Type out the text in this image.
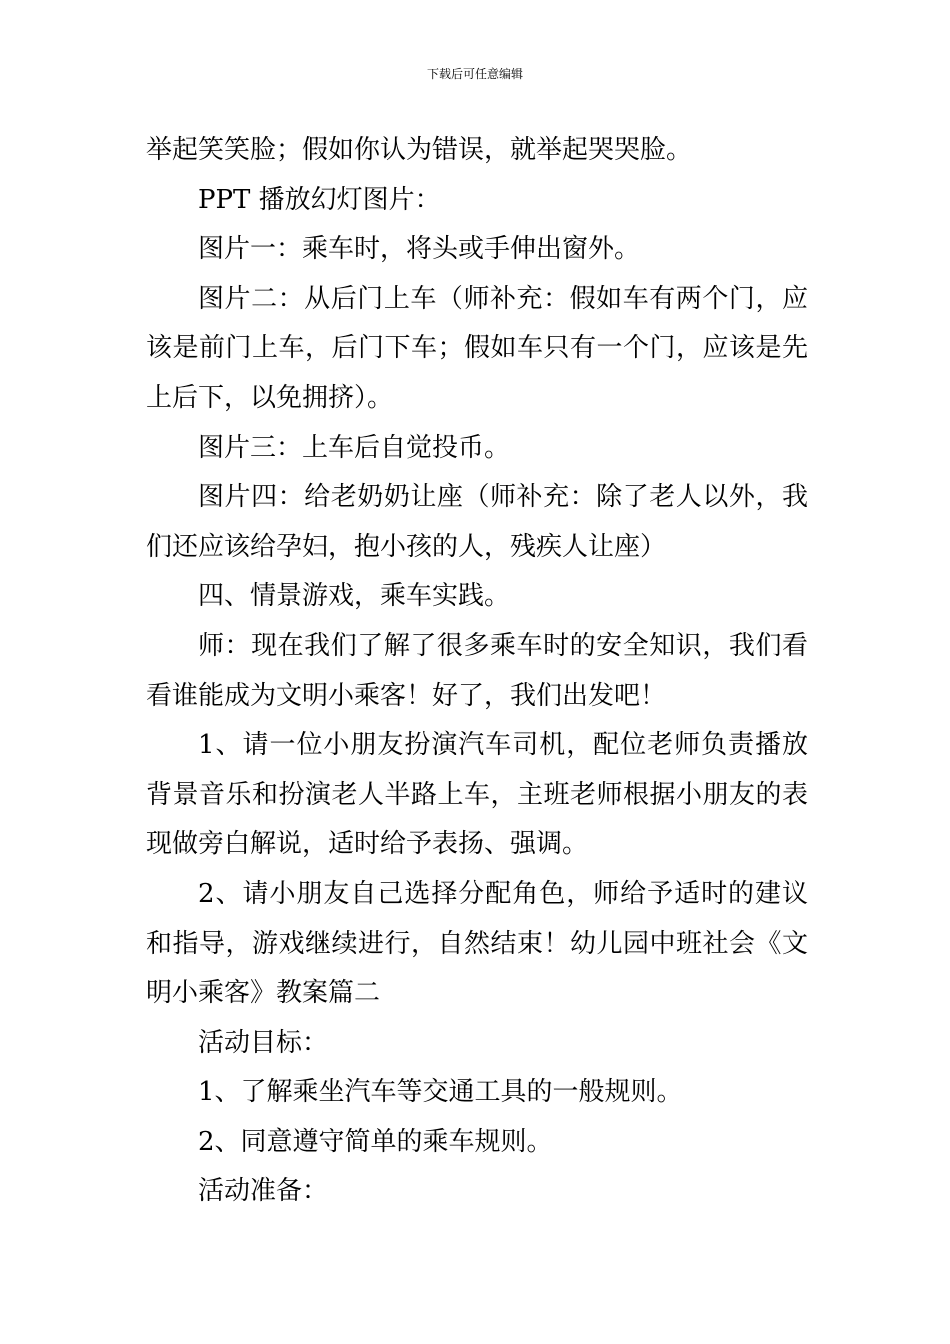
下载后可任意编辑

举起笑笑脸；假如你认为错误，就举起哭哭脸。

PPT 播放幻灯图片：

图片一：乘车时，将头或手伸出窗外。

图片二：从后门上车（师补充：假如车有两个门，应该是前门上车，后门下车；假如车只有一个门，应该是先上后下，以免拥挤）。

图片三：上车后自觉投币。

图片四：给老奶奶让座（师补充：除了老人以外，我们还应该给孕妇，抱小孩的人，残疾人让座）

四、情景游戏，乘车实践。

师：现在我们了解了很多乘车时的安全知识，我们看看谁能成为文明小乘客！好了，我们出发吧！

1、请一位小朋友扮演汽车司机，配位老师负责播放背景音乐和扮演老人半路上车，主班老师根据小朋友的表现做旁白解说，适时给予表扬、强调。

2、请小朋友自己选择分配角色，师给予适时的建议和指导，游戏继续进行，自然结束！幼儿园中班社会《文明小乘客》教案篇二

活动目标：

1、了解乘坐汽车等交通工具的一般规则。

2、同意遵守简单的乘车规则。

活动准备：
